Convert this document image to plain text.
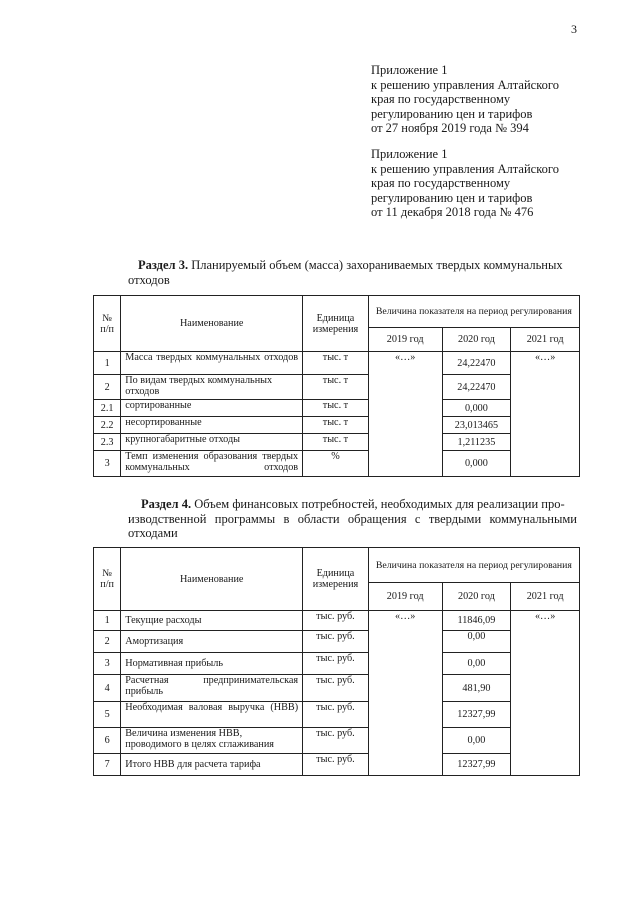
3
Приложение 1
к решению управления Алтайского
края по государственному
регулированию цен и тарифов
от 27 ноября 2019 года № 394
Приложение 1
к решению управления Алтайского
края по государственному
регулированию цен и тарифов
от 11 декабря 2018 года № 476
Раздел 3. Планируемый объем (масса) захораниваемых твердых коммунальных
отходов
№ п/п	Наименование	Единица измерения	Величина показателя на период регулирования		
			2019 год	2020 год	2021 год
1	Масса твердых коммунальных отходов	тыс. т	«…»	24,22470	«…»
2	По видам твердых коммунальных отходов	тыс. т		24,22470	
2.1	сортированные	тыс. т		0,000	
2.2	несортированные	тыс. т		23,013465	
2.3	крупногабаритные отходы	тыс. т		1,211235	
3	Темп изменения образования твердых коммунальных отходов	%		0,000	
Раздел 4. Объем финансовых потребностей, необходимых для реализации про-
изводственной программы в области обращения с твердыми коммунальными отходами
№ п/п	Наименование	Единица измерения	Величина показателя на период регулирования		
			2019 год	2020 год	2021 год
1	Текущие расходы	тыс. руб.	«…»	11846,09	«…»
2	Амортизация	тыс. руб.		0,00	
3	Нормативная прибыль	тыс. руб.		0,00	
4	Расчетная предпринимательская прибыль	тыс. руб.		481,90	
5	Необходимая валовая выручка (НВВ)	тыс. руб.		12327,99	
6	Величина изменения НВВ, проводимого в целях сглаживания	тыс. руб.		0,00	
7	Итого НВВ для расчета тарифа	тыс. руб.		12327,99	
